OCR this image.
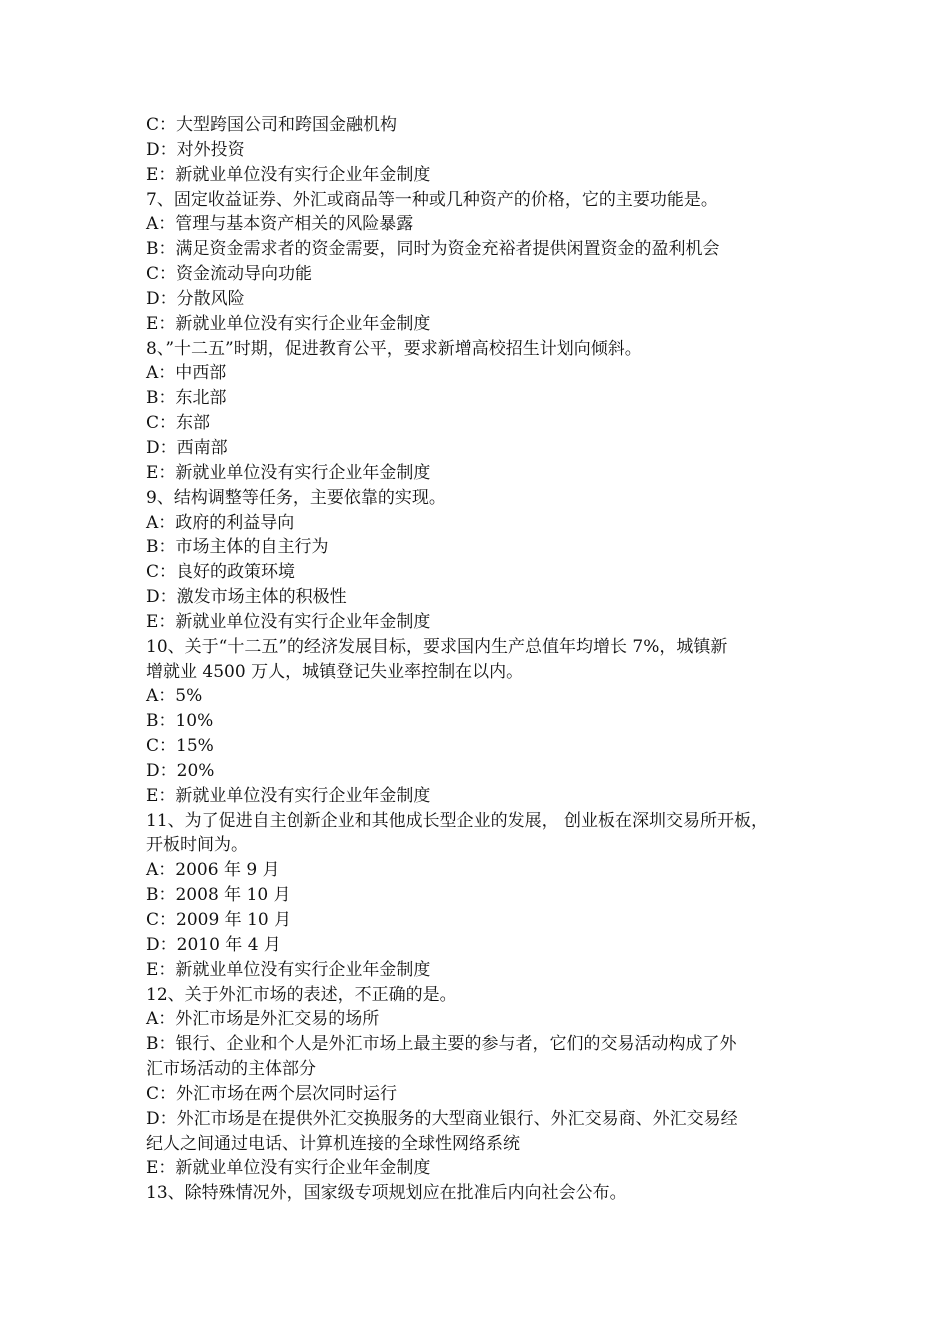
C：大型跨国公司和跨国金融机构
D：对外投资
E：新就业单位没有实行企业年金制度
7、固定收益证券、外汇或商品等一种或几种资产的价格，它的主要功能是。
A：管理与基本资产相关的风险暴露
B：满足资金需求者的资金需要，同时为资金充裕者提供闲置资金的盈利机会
C：资金流动导向功能
D：分散风险
E：新就业单位没有实行企业年金制度
8、”十二五”时期，促进教育公平，要求新增高校招生计划向倾斜。
A：中西部
B：东北部
C：东部
D：西南部
E：新就业单位没有实行企业年金制度
9、结构调整等任务，主要依靠的实现。
A：政府的利益导向
B：市场主体的自主行为
C：良好的政策环境
D：激发市场主体的积极性
E：新就业单位没有实行企业年金制度
10、关于“十二五”的经济发展目标，要求国内生产总值年均增长 7%，城镇新
增就业 4500 万人，城镇登记失业率控制在以内。
A：5%
B：10%
C：15%
D：20%
E：新就业单位没有实行企业年金制度
11、为了促进自主创新企业和其他成长型企业的发展， 创业板在深圳交易所开板，
开板时间为。
A：2006 年 9 月
B：2008 年 10 月
C：2009 年 10 月
D：2010 年 4 月
E：新就业单位没有实行企业年金制度
12、关于外汇市场的表述，不正确的是。
A：外汇市场是外汇交易的场所
B：银行、企业和个人是外汇市场上最主要的参与者，它们的交易活动构成了外
汇市场活动的主体部分
C：外汇市场在两个层次同时运行
D：外汇市场是在提供外汇交换服务的大型商业银行、外汇交易商、外汇交易经
纪人之间通过电话、计算机连接的全球性网络系统
E：新就业单位没有实行企业年金制度
13、除特殊情况外，国家级专项规划应在批准后内向社会公布。
